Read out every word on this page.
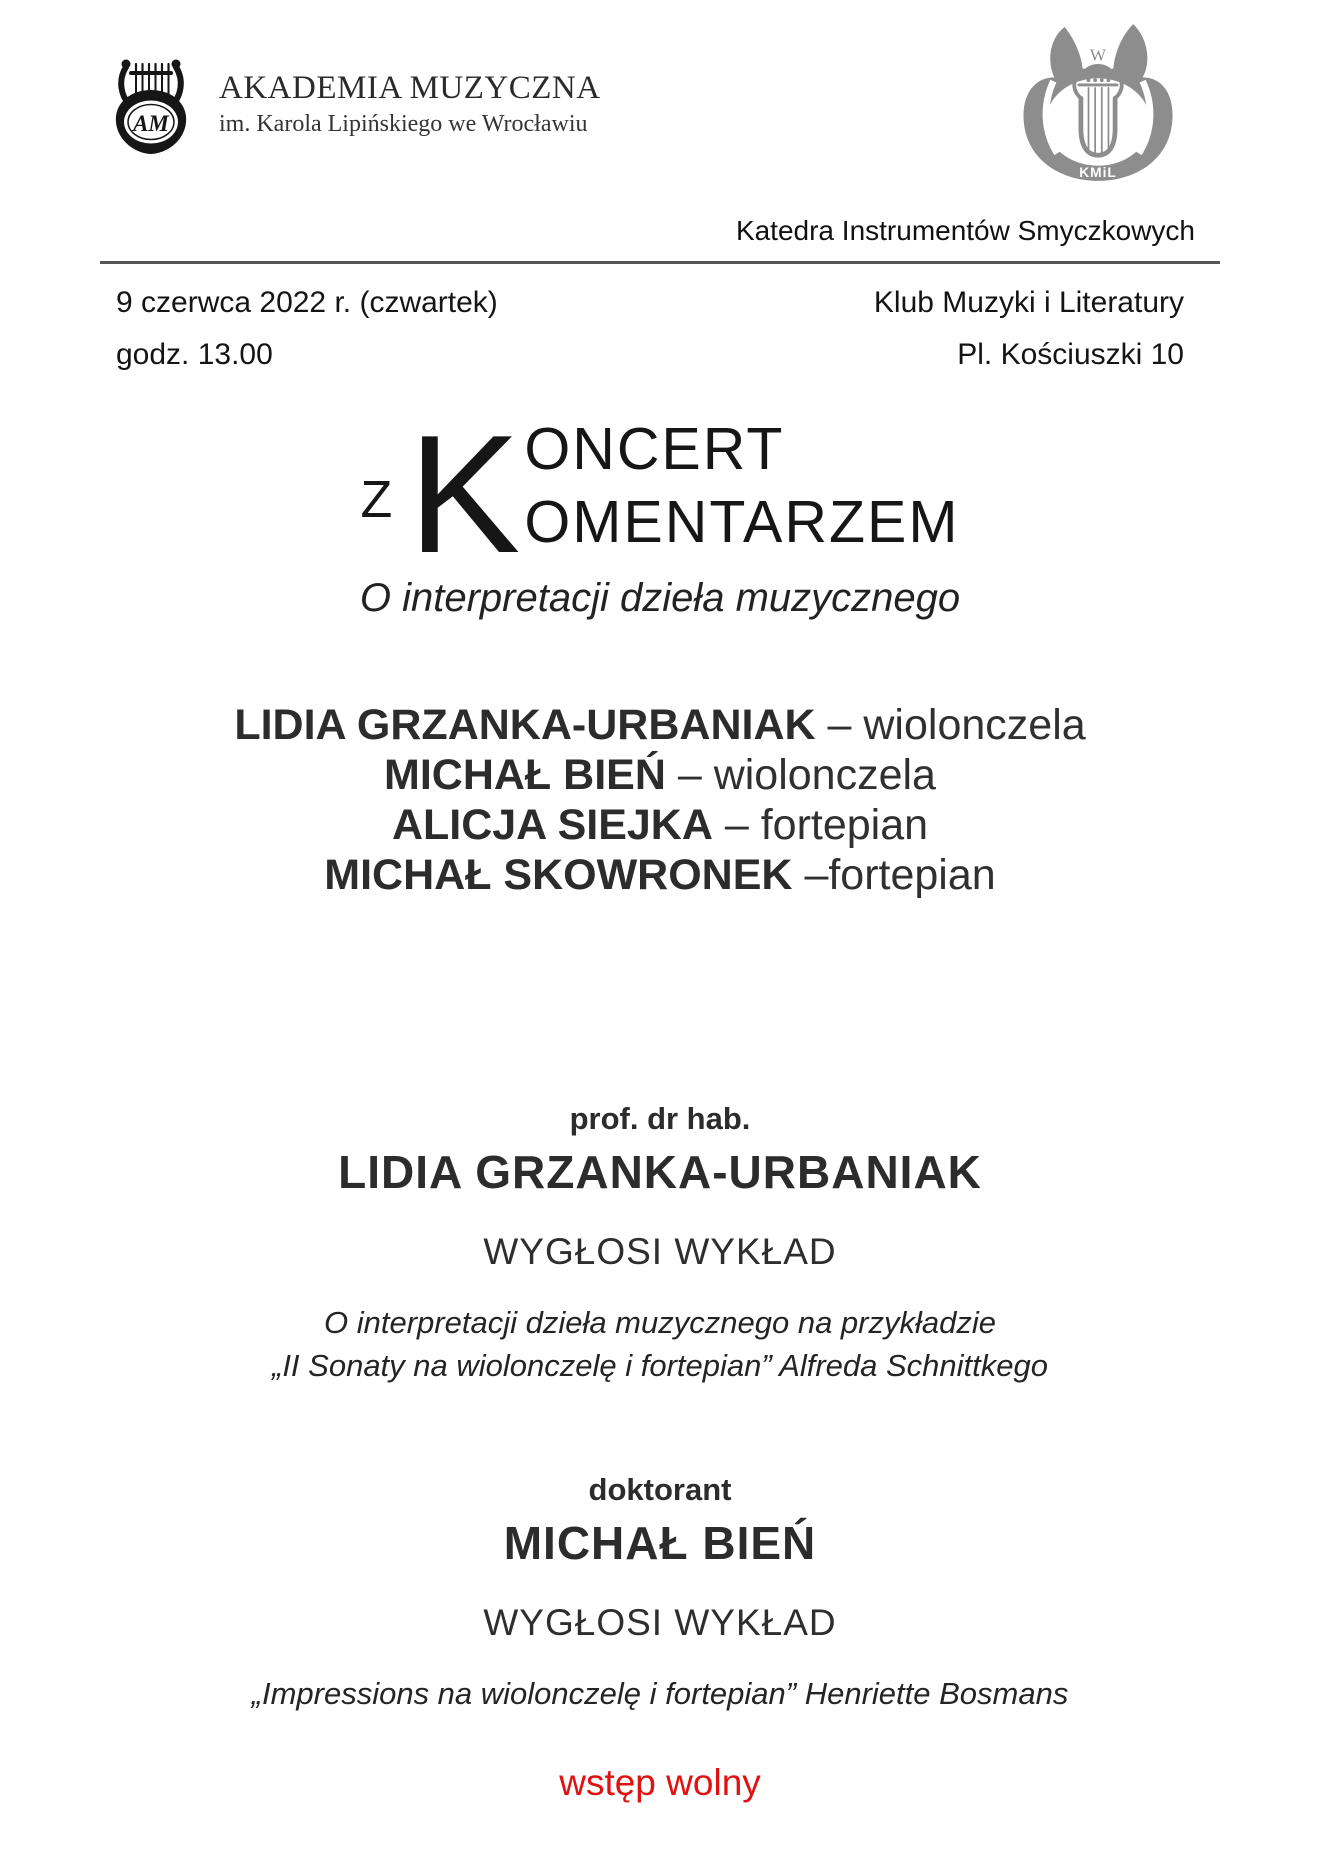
AM
AKADEMIA MUZYCZNA
im. Karola Lipińskiego we Wrocławiu
W
KMiL
Katedra Instrumentów Smyczkowych
9 czerwca 2022 r. (czwartek)	Klub Muzyki i Literatury
godz. 13.00	Pl. Kościuszki 10
Z K ONCERT
OMENTARZEM
O interpretacji dzieła muzycznego
LIDIA GRZANKA-URBANIAK – wiolonczela
MICHAŁ BIEŃ – wiolonczela
ALICJA SIEJKA – fortepian
MICHAŁ SKOWRONEK –fortepian
prof. dr hab.
LIDIA GRZANKA-URBANIAK
WYGŁOSI WYKŁAD
O interpretacji dzieła muzycznego na przykładzie
„II Sonaty na wiolonczelę i fortepian” Alfreda Schnittkego
doktorant
MICHAŁ BIEŃ
WYGŁOSI WYKŁAD
„Impressions na wiolonczelę i fortepian” Henriette Bosmans
wstęp wolny
